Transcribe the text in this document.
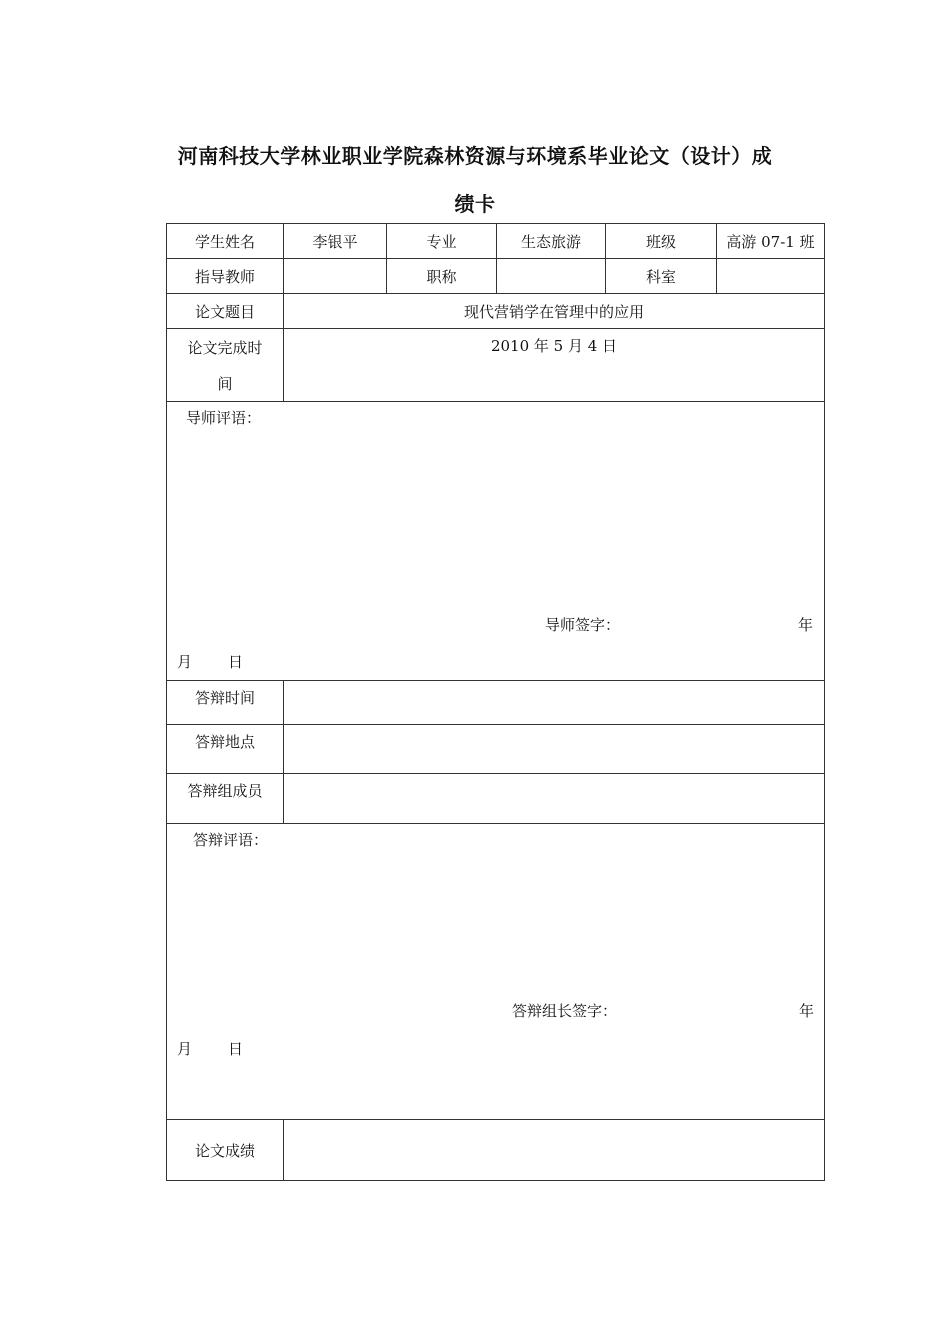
河南科技大学林业职业学院森林资源与环境系毕业论文（设计）成
绩卡
学生姓名	李银平	专业	生态旅游	班级	高游 07-1 班
指导教师		职称		科室	
论文题目	现代营销学在管理中的应用				

论文完成时
间	2010 年 5 月 4 日				

导师评语：
导师签字： 年
月 日					

答辩时间					
答辩地点					
答辩组成员					

答辩评语：
答辩组长签字： 年
月 日					

论文成绩					
